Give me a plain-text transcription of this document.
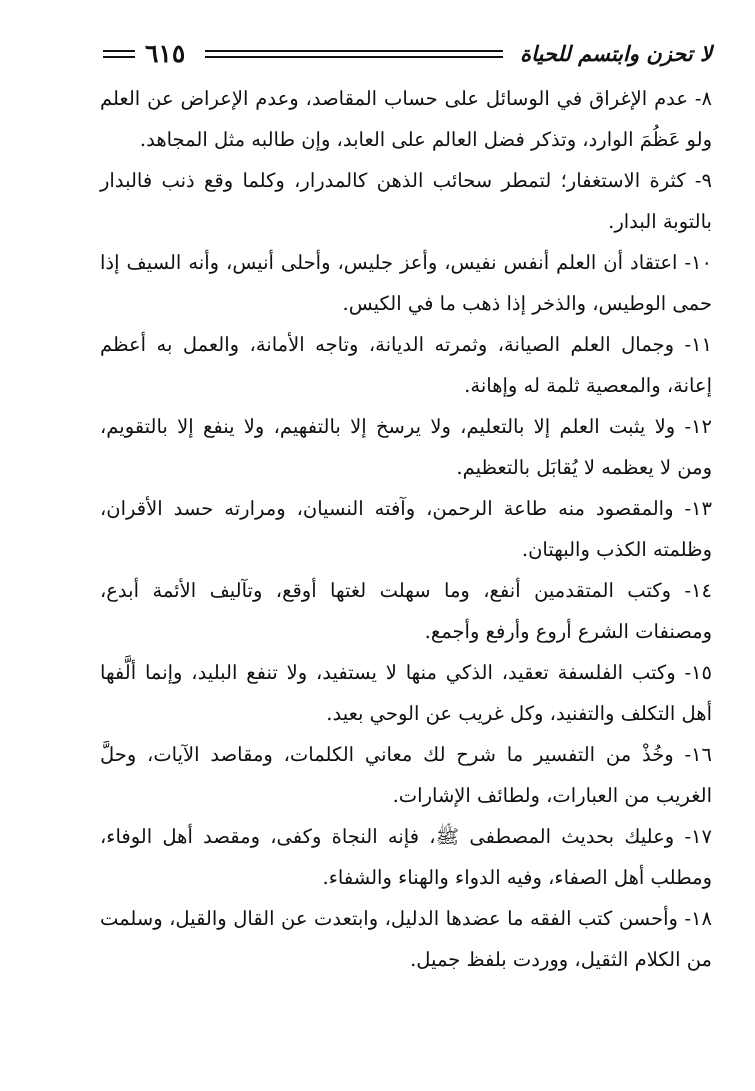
٦١٥	لا تحزن وابتسم للحياة

٨- عدم الإغراق في الوسائل على حساب المقاصد، وعدم الإعراض عن العلم ولو عَظُمَ الوارد، وتذكر فضل العالم على العابد، وإن طالبه مثل المجاهد.

٩- كثرة الاستغفار؛ لتمطر سحائب الذهن كالمدرار، وكلما وقع ذنب فالبدار بالتوبة البدار.

١٠- اعتقاد أن العلم أنفس نفيس، وأعز جليس، وأحلى أنيس، وأنه السيف إذا حمى الوطيس، والذخر إذا ذهب ما في الكيس.

١١- وجمال العلم الصيانة، وثمرته الديانة، وتاجه الأمانة، والعمل به أعظم إعانة، والمعصية ثلمة له وإهانة.

١٢- ولا يثبت العلم إلا بالتعليم، ولا يرسخ إلا بالتفهيم، ولا ينفع إلا بالتقويم، ومن لا يعظمه لا يُقابَل بالتعظيم.

١٣- والمقصود منه طاعة الرحمن، وآفته النسيان، ومرارته حسد الأقران، وظلمته الكذب والبهتان.

١٤- وكتب المتقدمين أنفع، وما سهلت لغتها أوقع، وتآليف الأئمة أبدع، ومصنفات الشرع أروع وأرفع وأجمع.

١٥- وكتب الفلسفة تعقيد، الذكي منها لا يستفيد، ولا تنفع البليد، وإنما ألَّفها أهل التكلف والتفنيد، وكل غريب عن الوحي بعيد.

١٦- وخُذْ من التفسير ما شرح لك معاني الكلمات، ومقاصد الآيات، وحلَّ الغريب من العبارات، ولطائف الإشارات.

١٧- وعليك بحديث المصطفى ﷺ، فإنه النجاة وكفى، ومقصد أهل الوفاء، ومطلب أهل الصفاء، وفيه الدواء والهناء والشفاء.

١٨- وأحسن كتب الفقه ما عضدها الدليل، وابتعدت عن القال والقيل، وسلمت من الكلام الثقيل، ووردت بلفظ جميل.
